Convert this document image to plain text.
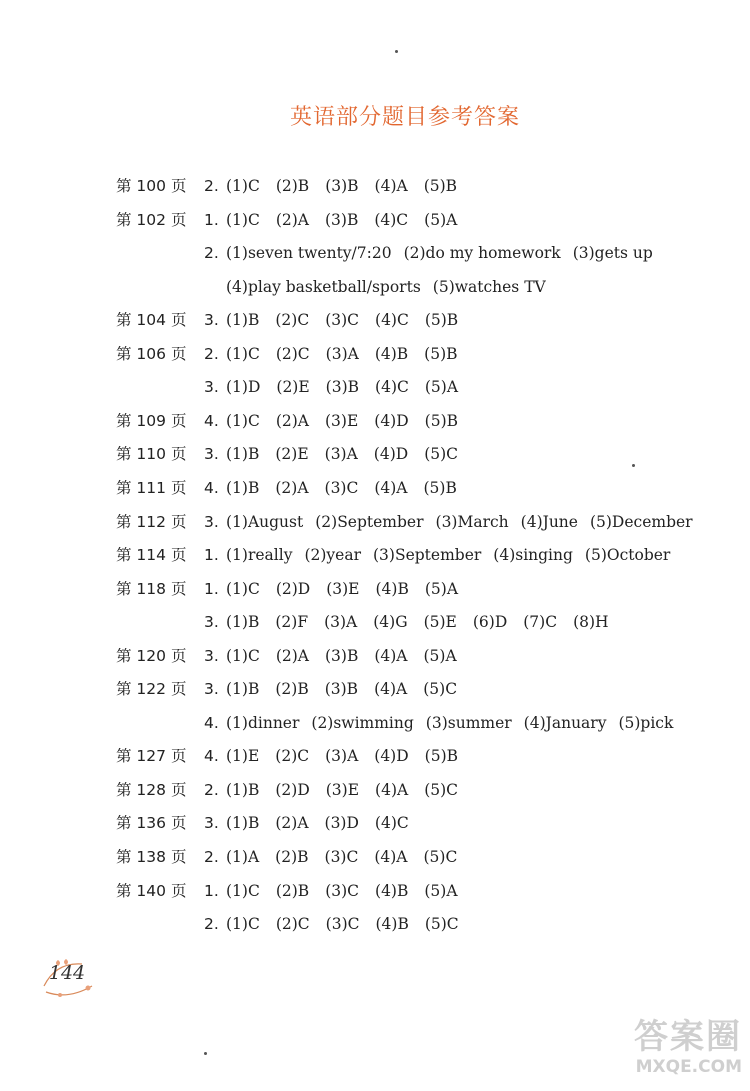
英语部分题目参考答案
第 100 页 2. (1)C (2)B (3)B (4)A (5)B
第 102 页 1. (1)C (2)A (3)B (4)C (5)A
2. (1)seven twenty/7:20 (2)do my homework (3)gets up
(4)play basketball/sports (5)watches TV
第 104 页 3. (1)B (2)C (3)C (4)C (5)B
第 106 页 2. (1)C (2)C (3)A (4)B (5)B
3. (1)D (2)E (3)B (4)C (5)A
第 109 页 4. (1)C (2)A (3)E (4)D (5)B
第 110 页 3. (1)B (2)E (3)A (4)D (5)C
第 111 页 4. (1)B (2)A (3)C (4)A (5)B
第 112 页 3. (1)August (2)September (3)March (4)June (5)December
第 114 页 1. (1)really (2)year (3)September (4)singing (5)October
第 118 页 1. (1)C (2)D (3)E (4)B (5)A
3. (1)B (2)F (3)A (4)G (5)E (6)D (7)C (8)H
第 120 页 3. (1)C (2)A (3)B (4)A (5)A
第 122 页 3. (1)B (2)B (3)B (4)A (5)C
4. (1)dinner (2)swimming (3)summer (4)January (5)pick
第 127 页 4. (1)E (2)C (3)A (4)D (5)B
第 128 页 2. (1)B (2)D (3)E (4)A (5)C
第 136 页 3. (1)B (2)A (3)D (4)C
第 138 页 2. (1)A (2)B (3)C (4)A (5)C
第 140 页 1. (1)C (2)B (3)C (4)B (5)A
2. (1)C (2)C (3)C (4)B (5)C
144
答案圈
MXQE.COM
